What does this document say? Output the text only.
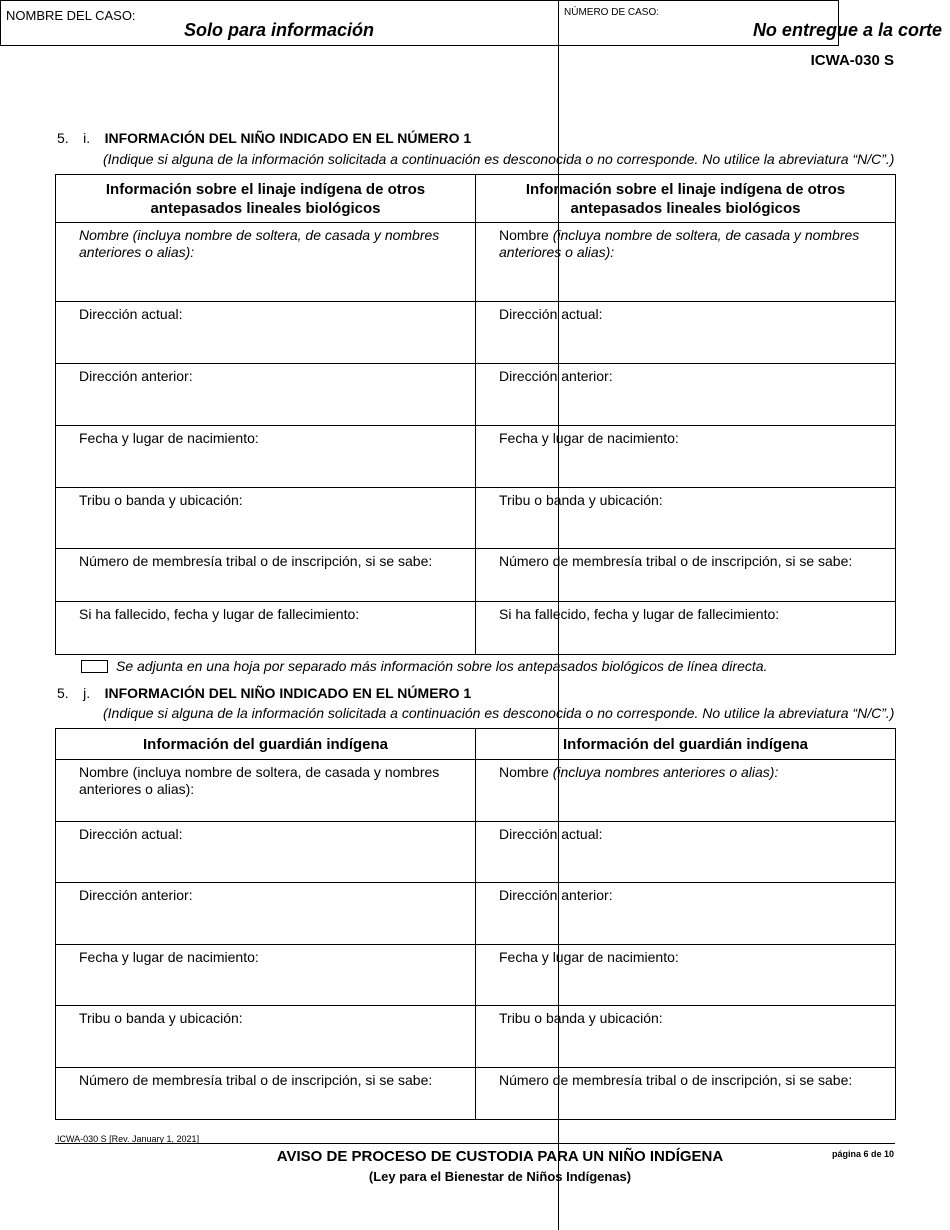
ICWA-030 S
NOMBRE DEL CASO:
Solo para información
NÚMERO DE CASO:
No entregue a la corte
5. i. INFORMACIÓN DEL NIÑO INDICADO EN EL NÚMERO 1
(Indique si alguna de la información solicitada a continuación es desconocida o no corresponde. No utilice la abreviatura “N/C”.)
Información sobre el linaje indígena de otros antepasados lineales biológicos	Información sobre el linaje indígena de otros antepasados lineales biológicos

Nombre (incluya nombre de soltera, de casada y nombres anteriores o alias):	Nombre (incluya nombre de soltera, de casada y nombres anteriores o alias):

Dirección actual:	Dirección actual:

Dirección anterior:	Dirección anterior:

Fecha y lugar de nacimiento:	Fecha y lugar de nacimiento:

Tribu o banda y ubicación:	Tribu o banda y ubicación:

Número de membresía tribal o de inscripción, si se sabe:	Número de membresía tribal o de inscripción, si se sabe:

Si ha fallecido, fecha y lugar de fallecimiento:	Si ha fallecido, fecha y lugar de fallecimiento:
Se adjunta en una hoja por separado más información sobre los antepasados biológicos de línea directa.
5. j. INFORMACIÓN DEL NIÑO INDICADO EN EL NÚMERO 1
(Indique si alguna de la información solicitada a continuación es desconocida o no corresponde. No utilice la abreviatura “N/C”.)
Información del guardián indígena	Información del guardián indígena

Nombre (incluya nombre de soltera, de casada y nombres anteriores o alias):	Nombre (incluya nombres anteriores o alias):

Dirección actual:	Dirección actual:

Dirección anterior:	Dirección anterior:

Fecha y lugar de nacimiento:	Fecha y lugar de nacimiento:

Tribu o banda y ubicación:	Tribu o banda y ubicación:

Número de membresía tribal o de inscripción, si se sabe:	Número de membresía tribal o de inscripción, si se sabe:
ICWA-030 S [Rev. January 1, 2021]
AVISO DE PROCESO DE CUSTODIA PARA UN NIÑO INDÍGENA
(Ley para el Bienestar de Niños Indígenas)
página 6 de 10
